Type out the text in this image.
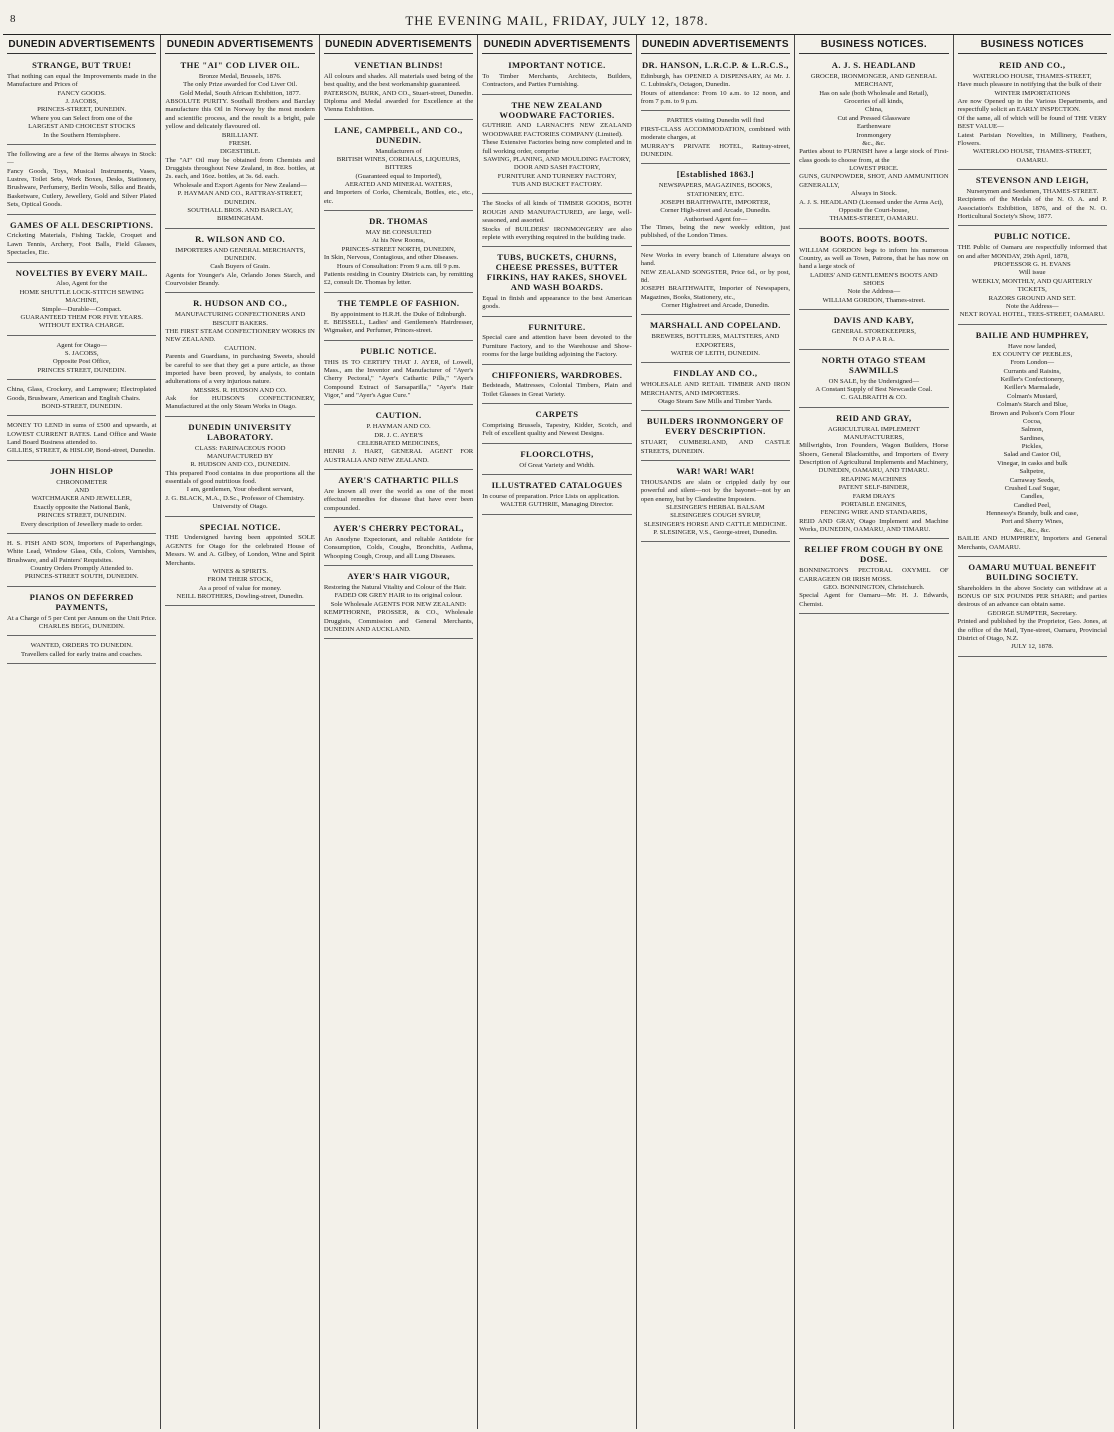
8	THE EVENING MAIL, FRIDAY, JULY 12, 1878.
DUNEDIN ADVERTISEMENTS
STRANGE, BUT TRUE!

That nothing can equal the Improvements made in the Manufacture and Prices of

FANCY GOODS.

J. JACOBS,

PRINCES-STREET, DUNEDIN.

Where you can Select from one of the

LARGEST AND CHOICEST STOCKS

In the Southern Hemisphere.

The following are a few of the Items always in Stock:—

Fancy Goods, Toys, Musical Instruments, Vases, Lustres, Toilet Sets, Work Boxes, Desks, Stationery, Brushware, Perfumery, Berlin Wools, Silks and Braids, Basketware, Cutlery, Jewellery, Gold and Silver Plated Sets, Optical Goods.

GAMES OF ALL DESCRIPTIONS.

Cricketing Materials, Fishing Tackle, Croquet and Lawn Tennis, Archery, Foot Balls, Field Glasses, Spectacles, Etc.

NOVELTIES BY EVERY MAIL.

Also, Agent for the

HOME SHUTTLE LOCK-STITCH SEWING MACHINE,

Simple—Durable—Compact.

GUARANTEED THEM FOR FIVE YEARS.

WITHOUT EXTRA CHARGE.

Agent for Otago—

S. JACOBS,

Opposite Post Office,

PRINCES STREET, DUNEDIN.

China, Glass, Crockery, and Lampware; Electroplated Goods, Brushware, American and English Chairs.

BOND-STREET, DUNEDIN.

MONEY TO LEND in sums of £500 and upwards, at LOWEST CURRENT RATES. Land Office and Waste Land Board Business attended to.

GILLIES, STREET, & HISLOP, Bond-street, Dunedin.

JOHN HISLOP

CHRONOMETER

AND

WATCHMAKER AND JEWELLER,

Exactly opposite the National Bank,

PRINCES STREET, DUNEDIN.

Every description of Jewellery made to order.

H. S. FISH AND SON, Importers of Paperhangings, White Lead, Window Glass, Oils, Colors, Varnishes, Brushware, and all Painters' Requisites.

Country Orders Promptly Attended to.

PRINCES-STREET SOUTH, DUNEDIN.

PIANOS ON DEFERRED PAYMENTS,

At a Charge of 5 per Cent per Annum on the Unit Price.

CHARLES BEGG, DUNEDIN.

WANTED, ORDERS TO DUNEDIN.

Travellers called for early trains and coaches.

DUNEDIN ADVERTISEMENTS
THE "AI" COD LIVER OIL.

Bronze Medal, Brussels, 1876.

The only Prize awarded for Cod Liver Oil.

Gold Medal, South African Exhibition, 1877.

ABSOLUTE PURITY. Southall Brothers and Barclay manufacture this Oil in Norway by the most modern and scientific process, and the result is a bright, pale yellow and delicately flavoured oil.

BRILLIANT.

FRESH.

DIGESTIBLE.

The "AI" Oil may be obtained from Chemists and Druggists throughout New Zealand, in 8oz. bottles, at 2s. each, and 16oz. bottles, at 3s. 6d. each.

Wholesale and Export Agents for New Zealand—

P. HAYMAN AND CO., RATTRAY-STREET, DUNEDIN.

SOUTHALL BROS. AND BARCLAY, BIRMINGHAM.

R. WILSON AND CO.

IMPORTERS AND GENERAL MERCHANTS, DUNEDIN.

Cash Buyers of Grain.

Agents for Younger's Ale, Orlando Jones Starch, and Courvoisier Brandy.

R. HUDSON AND CO.,

MANUFACTURING CONFECTIONERS AND BISCUIT BAKERS.

THE FIRST STEAM CONFECTIONERY WORKS IN NEW ZEALAND.

CAUTION.

Parents and Guardians, in purchasing Sweets, should be careful to see that they get a pure article, as those imported have been proved, by analysis, to contain adulterations of a very injurious nature.

MESSRS. R. HUDSON AND CO.

Ask for HUDSON'S CONFECTIONERY, Manufactured at the only Steam Works in Otago.

DUNEDIN UNIVERSITY LABORATORY.

CLASS: FARINACEOUS FOOD

MANUFACTURED BY

R. HUDSON AND CO., DUNEDIN.

This prepared Food contains in due proportions all the essentials of good nutritious food.

I am, gentlemen, Your obedient servant,

J. G. BLACK, M.A., D.Sc., Professor of Chemistry.

University of Otago.

SPECIAL NOTICE.

THE Undersigned having been appointed SOLE AGENTS for Otago for the celebrated House of Messrs. W. and A. Gilbey, of London, Wine and Spirit Merchants.

WINES & SPIRITS.

FROM THEIR STOCK,

As a proof of value for money.

NEILL BROTHERS, Dowling-street, Dunedin.

DUNEDIN ADVERTISEMENTS
VENETIAN BLINDS!

All colours and shades. All materials used being of the best quality, and the best workmanship guaranteed.

PATERSON, BURK, AND CO., Stuart-street, Dunedin.

Diploma and Medal awarded for Excellence at the Vienna Exhibition.

LANE, CAMPBELL, AND CO., DUNEDIN.

Manufacturers of

BRITISH WINES, CORDIALS, LIQUEURS, BITTERS

(Guaranteed equal to Imported),

AERATED AND MINERAL WATERS,

and Importers of Corks, Chemicals, Bottles, etc., etc., etc.

DR. THOMAS

MAY BE CONSULTED

At his New Rooms,

PRINCES-STREET NORTH, DUNEDIN,

In Skin, Nervous, Contagious, and other Diseases.

Hours of Consultation: From 9 a.m. till 9 p.m.

Patients residing in Country Districts can, by remitting £2, consult Dr. Thomas by letter.

THE TEMPLE OF FASHION.

By appointment to H.R.H. the Duke of Edinburgh.

E. BEISSELL, Ladies' and Gentlemen's Hairdresser, Wigmaker, and Perfumer, Princes-street.

PUBLIC NOTICE.

THIS IS TO CERTIFY THAT J. AYER, of Lowell, Mass., am the Inventor and Manufacturer of "Ayer's Cherry Pectoral," "Ayer's Cathartic Pills," "Ayer's Compound Extract of Sarsaparilla," "Ayer's Hair Vigor," and "Ayer's Ague Cure."

CAUTION.

P. HAYMAN AND CO.

DR. J. C. AYER'S

CELEBRATED MEDICINES,

HENRI J. HART, GENERAL AGENT FOR AUSTRALIA AND NEW ZEALAND.

AYER'S CATHARTIC PILLS

Are known all over the world as one of the most effectual remedies for disease that have ever been compounded.

AYER'S CHERRY PECTORAL,

An Anodyne Expectorant, and reliable Antidote for Consumption, Colds, Coughs, Bronchitis, Asthma, Whooping Cough, Croup, and all Lung Diseases.

AYER'S HAIR VIGOUR,

Restoring the Natural Vitality and Colour of the Hair.

FADED OR GREY HAIR to its original colour.

Sole Wholesale AGENTS FOR NEW ZEALAND:

KEMPTHORNE, PROSSER, & CO., Wholesale Druggists, Commission and General Merchants, DUNEDIN AND AUCKLAND.

DUNEDIN ADVERTISEMENTS
IMPORTANT NOTICE.

To Timber Merchants, Architects, Builders, Contractors, and Parties Furnishing.

THE NEW ZEALAND WOODWARE FACTORIES.

GUTHRIE AND LARNACH'S NEW ZEALAND WOODWARE FACTORIES COMPANY (Limited).

These Extensive Factories being now completed and in full working order, comprise

SAWING, PLANING, AND MOULDING FACTORY,

DOOR AND SASH FACTORY,

FURNITURE AND TURNERY FACTORY,

TUB AND BUCKET FACTORY.

The Stocks of all kinds of TIMBER GOODS, BOTH ROUGH AND MANUFACTURED, are large, well-seasoned, and assorted.

Stocks of BUILDERS' IRONMONGERY are also replete with everything required in the building trade.

TUBS, BUCKETS, CHURNS, CHEESE PRESSES, BUTTER FIRKINS, HAY RAKES, SHOVEL AND WASH BOARDS.

Equal in finish and appearance to the best American goods.

FURNITURE.

Special care and attention have been devoted to the Furniture Factory, and to the Warehouse and Show-rooms for the large building adjoining the Factory.

CHIFFONIERS, WARDROBES.

Bedsteads, Mattresses, Colonial Timbers, Plain and Toilet Glasses in Great Variety.

CARPETS

Comprising Brussels, Tapestry, Kidder, Scotch, and Felt of excellent quality and Newest Designs.

FLOORCLOTHS,

Of Great Variety and Width.

ILLUSTRATED CATALOGUES

In course of preparation. Price Lists on application.

WALTER GUTHRIE, Managing Director.

DUNEDIN ADVERTISEMENTS
DR. HANSON, L.R.C.P. & L.R.C.S.,

Edinburgh, has OPENED A DISPENSARY, At Mr. J. C. Lubinski's, Octagon, Dunedin.

Hours of attendance: From 10 a.m. to 12 noon, and from 7 p.m. to 9 p.m.

PARTIES visiting Dunedin will find

FIRST-CLASS ACCOMMODATION, combined with moderate charges, at

MURRAY'S PRIVATE HOTEL, Rattray-street, DUNEDIN.

[Established 1863.]

NEWSPAPERS, MAGAZINES, BOOKS, STATIONERY, ETC.

JOSEPH BRAITHWAITE, IMPORTER,

Corner High-street and Arcade, Dunedin.

Authorised Agent for—

The Times, being the new weekly edition, just published, of the London Times.

New Works in every branch of Literature always on hand.

NEW ZEALAND SONGSTER, Price 6d., or by post, 8d.

JOSEPH BRAITHWAITE, Importer of Newspapers, Magazines, Books, Stationery, etc.,

Corner Highstreet and Arcade, Dunedin.

MARSHALL AND COPELAND.

BREWERS, BOTTLERS, MALTSTERS, AND EXPORTERS,

WATER OF LEITH, DUNEDIN.

FINDLAY AND CO.,

WHOLESALE AND RETAIL TIMBER AND IRON MERCHANTS, AND IMPORTERS.

Otago Steam Saw Mills and Timber Yards.

BUILDERS IRONMONGERY OF EVERY DESCRIPTION.

STUART, CUMBERLAND, AND CASTLE STREETS, DUNEDIN.

WAR! WAR! WAR!

THOUSANDS are slain or crippled daily by our powerful and silent—not by the bayonet—not by an open enemy, but by Clandestine Imposters.

SLESINGER'S HERBAL BALSAM

SLESINGER'S COUGH SYRUP,

SLESINGER'S HORSE AND CATTLE MEDICINE.

P. SLESINGER, V.S., George-street, Dunedin.

BUSINESS NOTICES.
A. J. S. HEADLAND

GROCER, IRONMONGER, AND GENERAL MERCHANT,

Has on sale (both Wholesale and Retail),

Groceries of all kinds,

China,

Cut and Pressed Glassware

Earthenware

Ironmongery

&c., &c.

Parties about to FURNISH have a large stock of First-class goods to choose from, at the

LOWEST PRICE.

GUNS, GUNPOWDER, SHOT, AND AMMUNITION GENERALLY,

Always in Stock.

A. J. S. HEADLAND (Licensed under the Arms Act),

Opposite the Court-house,

THAMES-STREET, OAMARU.

BOOTS. BOOTS. BOOTS.

WILLIAM GORDON begs to inform his numerous Country, as well as Town, Patrons, that he has now on hand a large stock of

LADIES' AND GENTLEMEN'S BOOTS AND SHOES

Note the Address—

WILLIAM GORDON, Thames-street.

DAVIS AND KABY,

GENERAL STOREKEEPERS,

N O A P A R A.

NORTH OTAGO STEAM SAWMILLS

ON SALE, by the Undersigned—

A Constant Supply of Best Newcastle Coal.

C. GALBRAITH & CO.

REID AND GRAY,

AGRICULTURAL IMPLEMENT MANUFACTURERS,

Millwrights, Iron Founders, Wagon Builders, Horse Shoers, General Blacksmiths, and Importers of Every Description of Agricultural Implements and Machinery,

DUNEDIN, OAMARU, AND TIMARU.

REAPING MACHINES

PATENT SELF-BINDER,

FARM DRAYS

PORTABLE ENGINES,

FENCING WIRE AND STANDARDS,

REID AND GRAY, Otago Implement and Machine Works, DUNEDIN, OAMARU, AND TIMARU.

RELIEF FROM COUGH BY ONE DOSE.

BONNINGTON'S PECTORAL OXYMEL OF CARRAGEEN OR IRISH MOSS.

GEO. BONNINGTON, Christchurch.

Special Agent for Oamaru—Mr. H. J. Edwards, Chemist.

BUSINESS NOTICES
REID AND CO.,

WATERLOO HOUSE, THAMES-STREET,

Have much pleasure in notifying that the bulk of their

WINTER IMPORTATIONS

Are now Opened up in the Various Departments, and respectfully solicit an EARLY INSPECTION.

Of the same, all of which will be found of THE VERY BEST VALUE—

Latest Parisian Novelties, in Millinery, Feathers, Flowers.

WATERLOO HOUSE, THAMES-STREET, OAMARU.

STEVENSON AND LEIGH,

Nurserymen and Seedsmen, THAMES-STREET.

Recipients of the Medals of the N. O. A. and P. Association's Exhibition, 1876, and of the N. O. Horticultural Society's Show, 1877.

PUBLIC NOTICE.

THE Public of Oamaru are respectfully informed that on and after MONDAY, 29th April, 1878,

PROFESSOR G. H. EVANS

Will issue

WEEKLY, MONTHLY, AND QUARTERLY TICKETS,

RAZORS GROUND AND SET.

Note the Address—

NEXT ROYAL HOTEL, TEES-STREET, OAMARU.

BAILIE AND HUMPHREY,

Have now landed,

EX COUNTY OF PEEBLES,

From London—

Currants and Raisins,

Keiller's Confectionery,

Keiller's Marmalade,

Colman's Mustard,

Colman's Starch and Blue,

Brown and Polson's Corn Flour

Cocoa,

Salmon,

Sardines,

Pickles,

Salad and Castor Oil,

Vinegar, in casks and bulk

Saltpetre,

Carraway Seeds,

Crushed Loaf Sugar,

Candles,

Candied Peel,

Hennessy's Brandy, bulk and case,

Port and Sherry Wines,

&c., &c., &c.

BAILIE AND HUMPHREY, Importers and General Merchants, OAMARU.

OAMARU MUTUAL BENEFIT BUILDING SOCIETY.

Shareholders in the above Society can withdraw at a BONUS OF SIX POUNDS PER SHARE; and parties desirous of an advance can obtain same.

GEORGE SUMPTER, Secretary.

Printed and published by the Proprietor, Geo. Jones, at the office of the Mail, Tyne-street, Oamaru, Provincial District of Otago, N.Z.

JULY 12, 1878.
